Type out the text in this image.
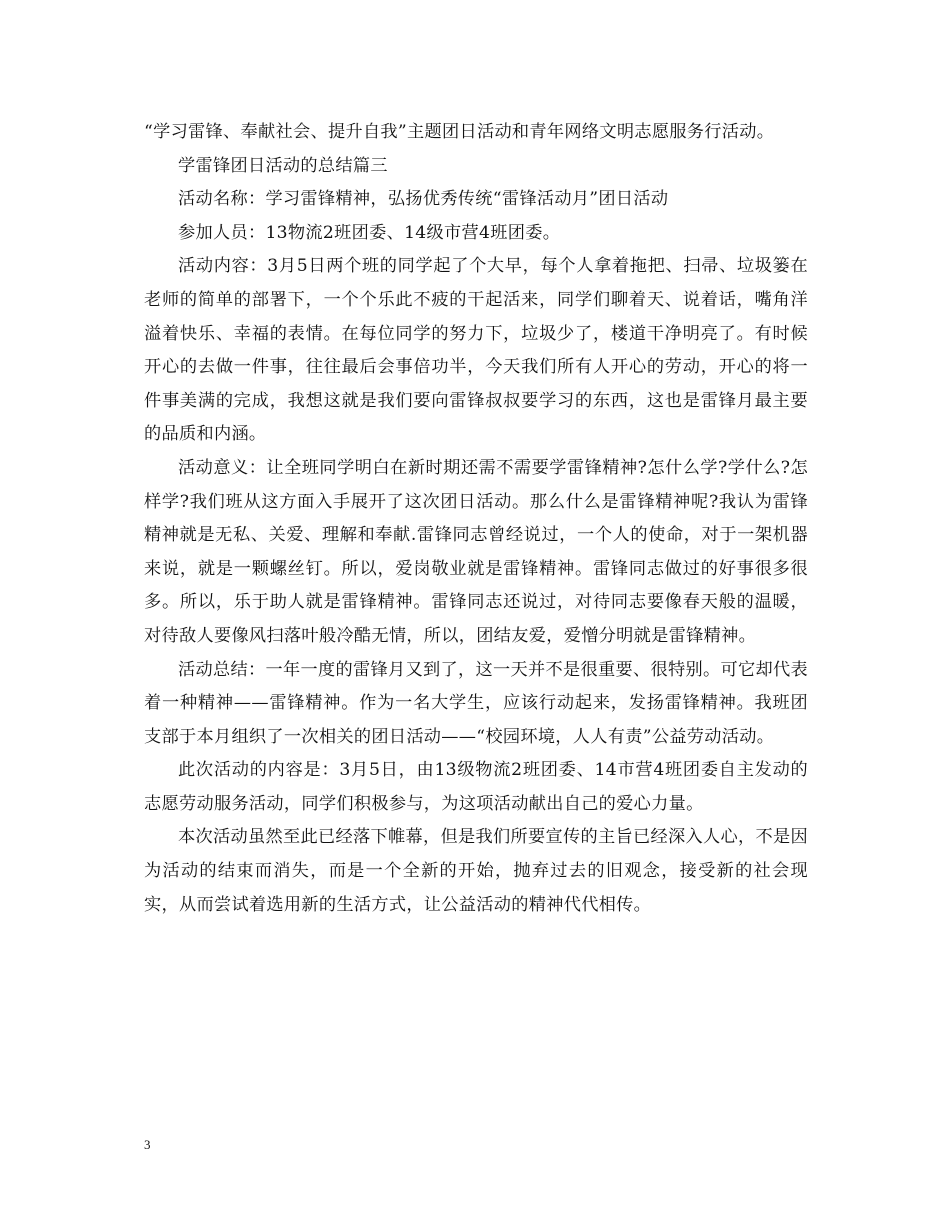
“学习雷锋、奉献社会、提升自我”主题团日活动和青年网络文明志愿服务行活动。

学雷锋团日活动的总结篇三

活动名称：学习雷锋精神，弘扬优秀传统“雷锋活动月”团日活动

参加人员：13物流2班团委、14级市营4班团委。

活动内容：3月5日两个班的同学起了个大早，每个人拿着拖把、扫帚、垃圾篓在老师的简单的部署下，一个个乐此不疲的干起活来，同学们聊着天、说着话，嘴角洋溢着快乐、幸福的表情。在每位同学的努力下，垃圾少了，楼道干净明亮了。有时候开心的去做一件事，往往最后会事倍功半，今天我们所有人开心的劳动，开心的将一件事美满的完成，我想这就是我们要向雷锋叔叔要学习的东西，这也是雷锋月最主要的品质和内涵。

活动意义：让全班同学明白在新时期还需不需要学雷锋精神?怎什么学?学什么?怎样学?我们班从这方面入手展开了这次团日活动。那么什么是雷锋精神呢?我认为雷锋精神就是无私、关爱、理解和奉献.雷锋同志曾经说过，一个人的使命，对于一架机器来说，就是一颗螺丝钉。所以，爱岗敬业就是雷锋精神。雷锋同志做过的好事很多很多。所以，乐于助人就是雷锋精神。雷锋同志还说过，对待同志要像春天般的温暖，对待敌人要像风扫落叶般冷酷无情，所以，团结友爱，爱憎分明就是雷锋精神。

活动总结：一年一度的雷锋月又到了，这一天并不是很重要、很特别。可它却代表着一种精神——雷锋精神。作为一名大学生，应该行动起来，发扬雷锋精神。我班团支部于本月组织了一次相关的团日活动——“校园环境，人人有责”公益劳动活动。

此次活动的内容是：3月5日，由13级物流2班团委、14市营4班团委自主发动的志愿劳动服务活动，同学们积极参与，为这项活动献出自己的爱心力量。

本次活动虽然至此已经落下帷幕，但是我们所要宣传的主旨已经深入人心，不是因为活动的结束而消失，而是一个全新的开始，抛弃过去的旧观念，接受新的社会现实，从而尝试着选用新的生活方式，让公益活动的精神代代相传。

3
